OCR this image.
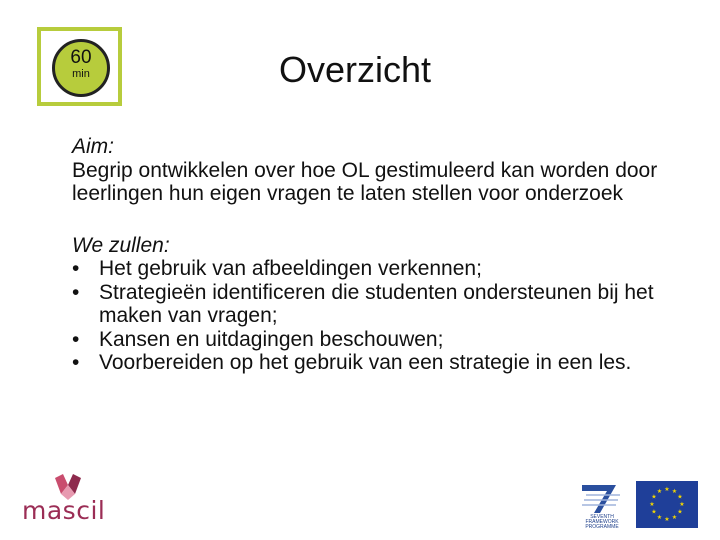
60
min	Overzicht

Aim:

Begrip ontwikkelen over hoe OL gestimuleerd kan worden door leerlingen hun eigen vragen te laten stellen voor onderzoek

We zullen:

• Het gebruik van afbeeldingen verkennen;
• Strategieën identificeren die studenten ondersteunen bij het maken van vragen;
• Kansen en uitdagingen beschouwen;
• Voorbereiden op het gebruik van een strategie in een les.
mascil	SEVENTH FRAMEWORK PROGRAMME
★ ★
★
★
★
★
★
★
★
★
★
★
